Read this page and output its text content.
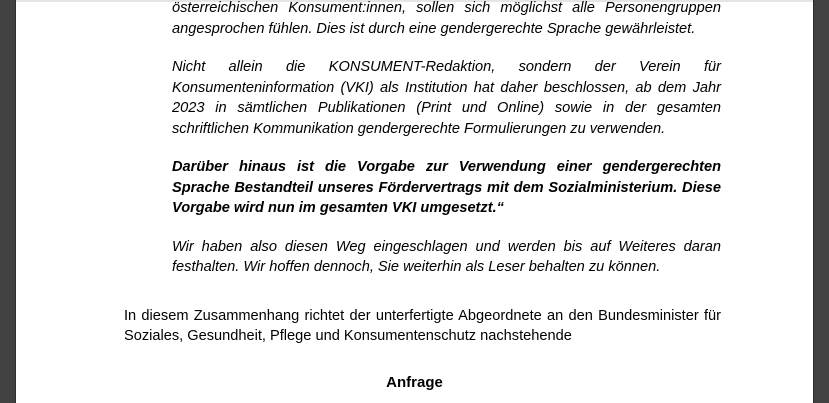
österreichischen Konsument:innen, sollen sich möglichst alle Personengruppen angesprochen fühlen. Dies ist durch eine gendergerechte Sprache gewährleistet.

Nicht allein die KONSUMENT-Redaktion, sondern der Verein für Konsumenteninformation (VKI) als Institution hat daher beschlossen, ab dem Jahr 2023 in sämtlichen Publikationen (Print und Online) sowie in der gesamten schriftlichen Kommunikation gendergerechte Formulierungen zu verwenden.

Darüber hinaus ist die Vorgabe zur Verwendung einer gendergerechten Sprache Bestandteil unseres Fördervertrags mit dem Sozialministerium. Diese Vorgabe wird nun im gesamten VKI umgesetzt.“

Wir haben also diesen Weg eingeschlagen und werden bis auf Weiteres daran festhalten. Wir hoffen dennoch, Sie weiterhin als Leser behalten zu können.

In diesem Zusammenhang richtet der unterfertigte Abgeordnete an den Bundesminister für Soziales, Gesundheit, Pflege und Konsumentenschutz nachstehende

Anfrage
